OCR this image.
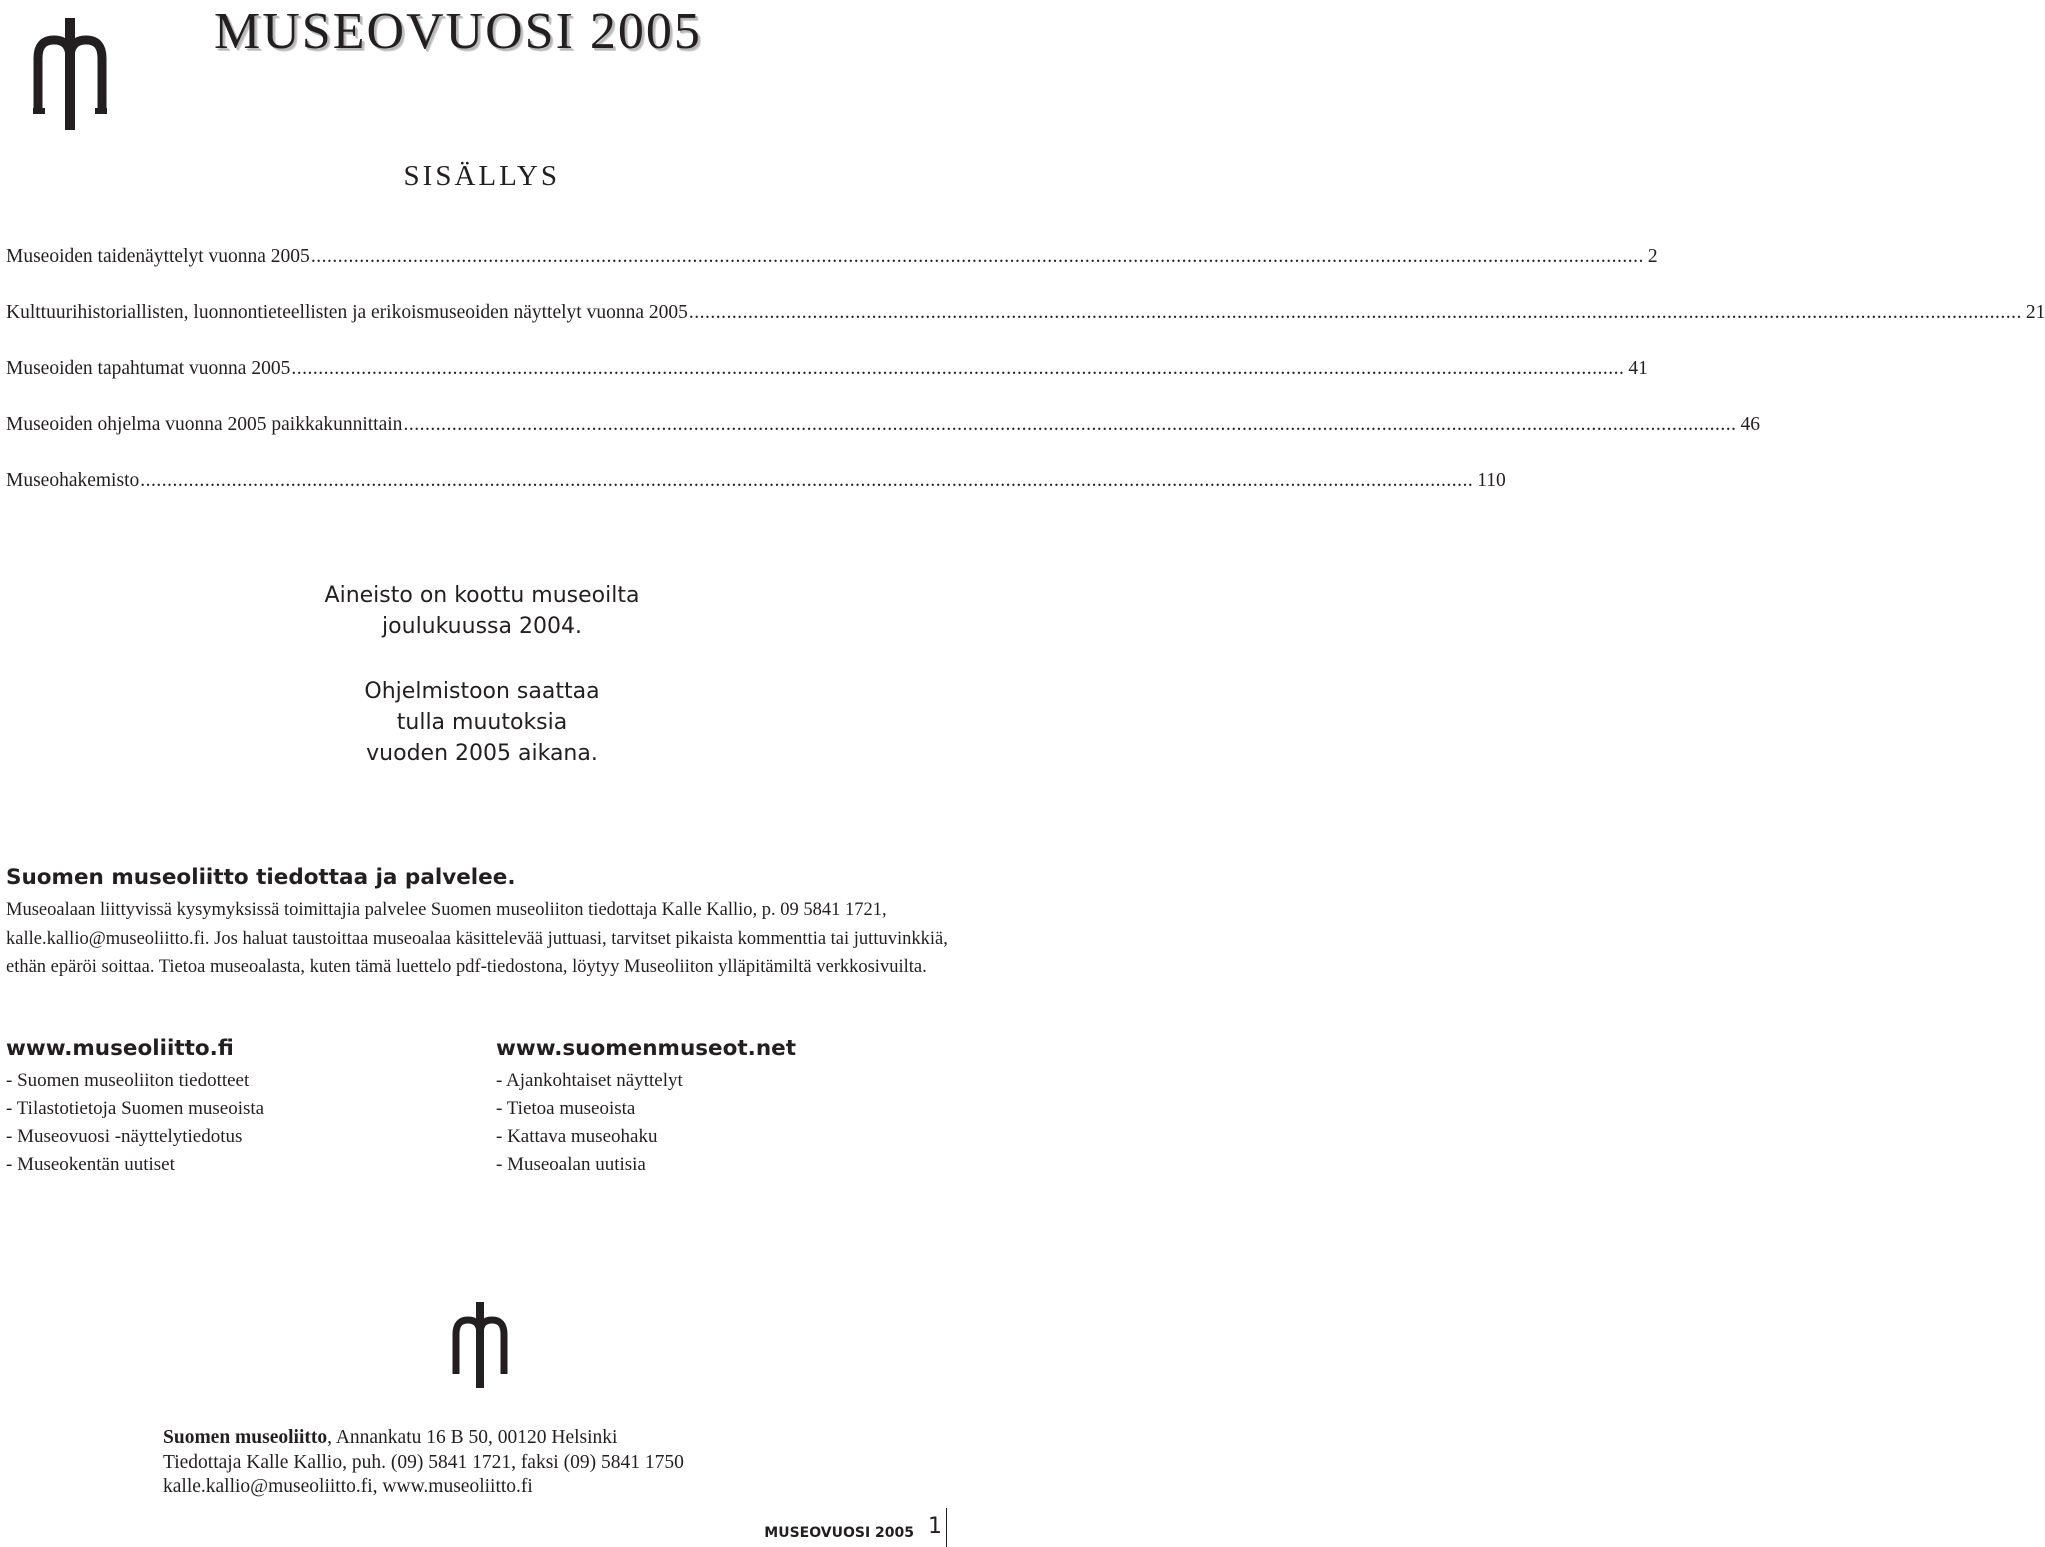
MUSEOVUOSI 2005
SISÄLLYS
Museoiden taidenäyttelyt vuonna 2005 ........................................................................................................................................................................................................................................................ 2
Kulttuurihistoriallisten, luonnontieteellisten ja erikoismuseoiden näyttelyt vuonna 2005 ........................................................................................................................................................................................................................................................ 21
Museoiden tapahtumat vuonna 2005 ........................................................................................................................................................................................................................................................ 41
Museoiden ohjelma vuonna 2005 paikkakunnittain ........................................................................................................................................................................................................................................................ 46
Museohakemisto ........................................................................................................................................................................................................................................................ 110

Aineisto on koottu museoilta

joulukuussa 2004.

Ohjelmistoon saattaa

tulla muutoksia

vuoden 2005 aikana.

Suomen museoliitto tiedottaa ja palvelee.

Museoalaan liittyvissä kysymyksissä toimittajia palvelee Suomen museoliiton tiedottaja Kalle Kallio, p. 09 5841 1721, kalle.kallio@museoliitto.fi. Jos haluat taustoittaa museoalaa käsittelevää juttuasi, tarvitset pikaista kommenttia tai juttuvinkkiä, ethän epäröi soittaa. Tietoa museoalasta, kuten tämä luettelo pdf-tiedostona, löytyy Museoliiton ylläpitämiltä verkkosivuilta.

www.museoliitto.fi
- Suomen museoliiton tiedotteet
- Tilastotietoja Suomen museoista
- Museovuosi -näyttelytiedotus
- Museokentän uutiset
www.suomenmuseot.net
- Ajankohtaiset näyttelyt
- Tietoa museoista
- Kattava museohaku
- Museoalan uutisia
Suomen museoliitto, Annankatu 16 B 50, 00120 Helsinki
Tiedottaja Kalle Kallio, puh. (09) 5841 1721, faksi (09) 5841 1750
kalle.kallio@museoliitto.fi, www.museoliitto.fi
MUSEOVUOSI 2005 1
